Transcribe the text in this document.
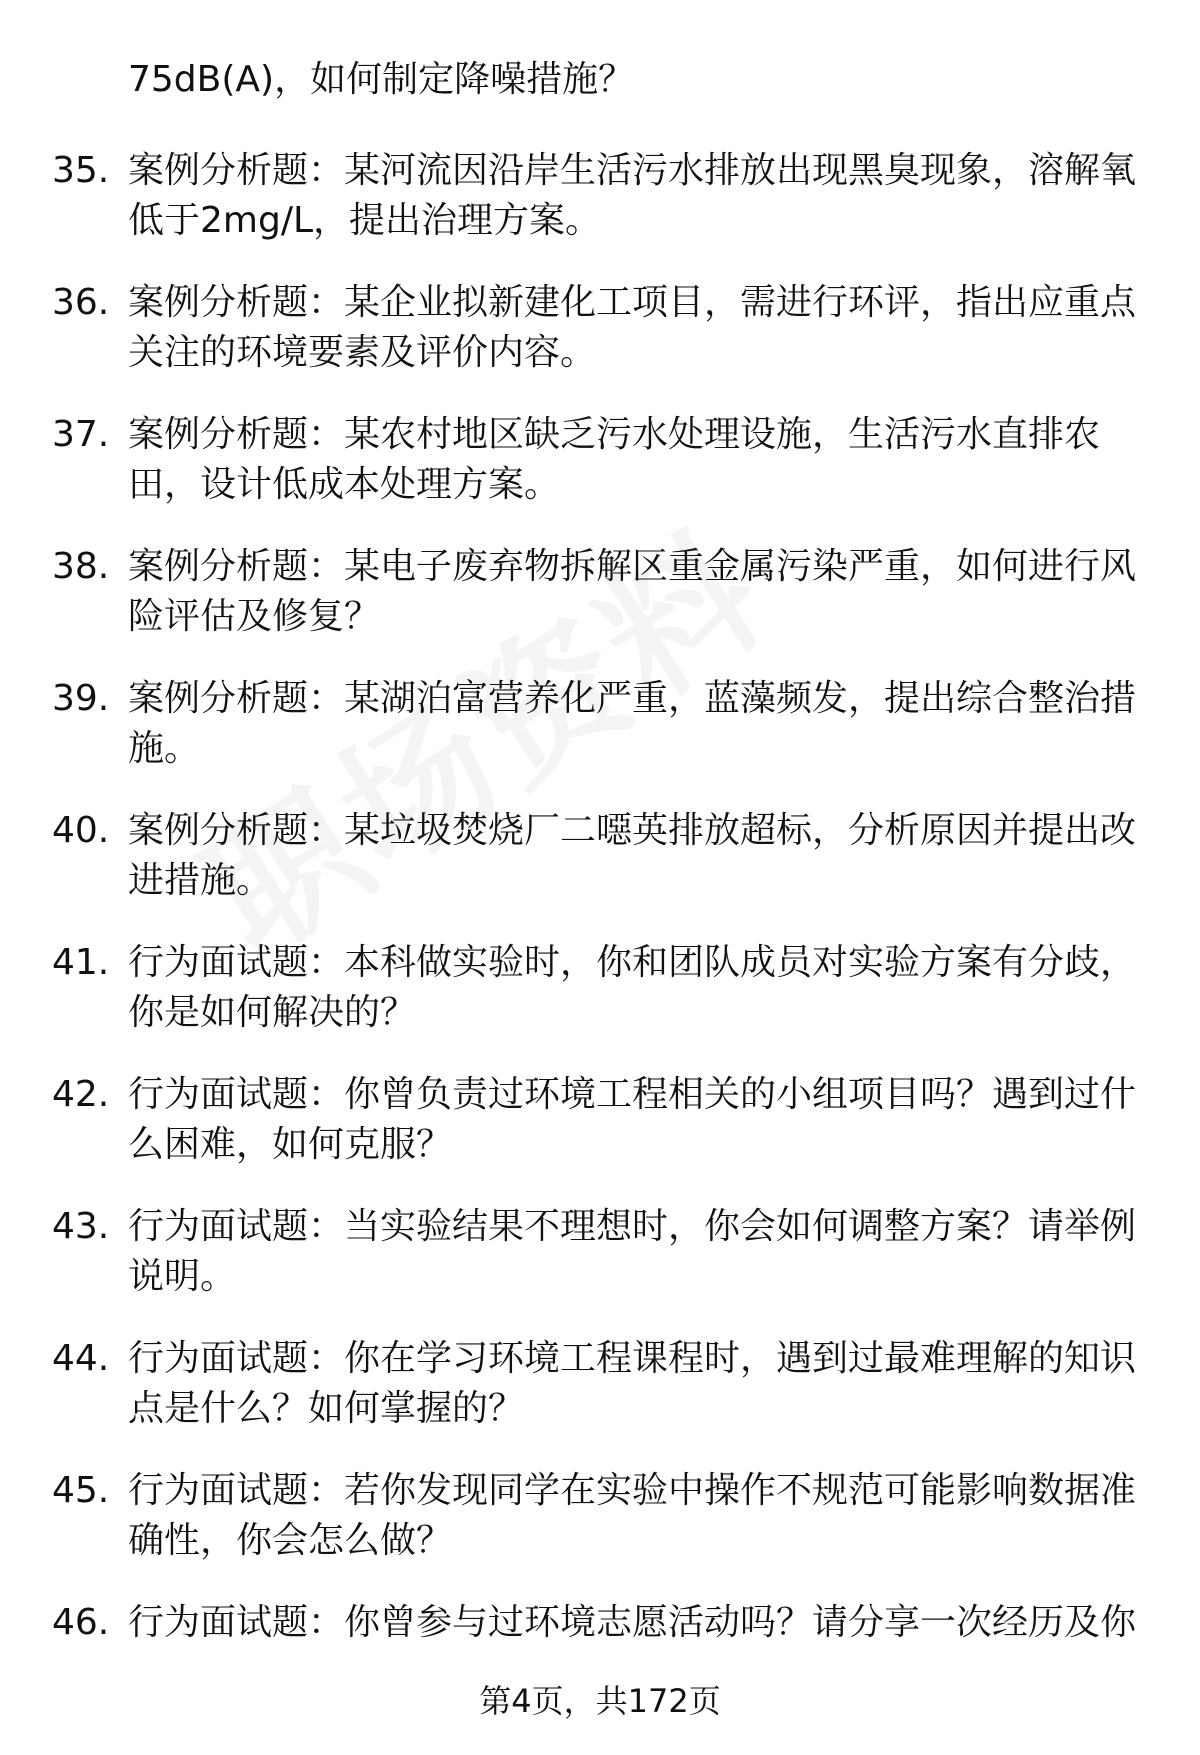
75dB(A)，如何制定降噪措施？
35. 案例分析题：某河流因沿岸生活污水排放出现黑臭现象，溶解氧低于2mg/L，提出治理方案。
36. 案例分析题：某企业拟新建化工项目，需进行环评，指出应重点关注的环境要素及评价内容。
37. 案例分析题：某农村地区缺乏污水处理设施，生活污水直排农田，设计低成本处理方案。
38. 案例分析题：某电子废弃物拆解区重金属污染严重，如何进行风险评估及修复？
39. 案例分析题：某湖泊富营养化严重，蓝藻频发，提出综合整治措施。
40. 案例分析题：某垃圾焚烧厂二噁英排放超标，分析原因并提出改进措施。
41. 行为面试题：本科做实验时，你和团队成员对实验方案有分歧，你是如何解决的？
42. 行为面试题：你曾负责过环境工程相关的小组项目吗？遇到过什么困难，如何克服？
43. 行为面试题：当实验结果不理想时，你会如何调整方案？请举例说明。
44. 行为面试题：你在学习环境工程课程时，遇到过最难理解的知识点是什么？如何掌握的？
45. 行为面试题：若你发现同学在实验中操作不规范可能影响数据准确性，你会怎么做？
46. 行为面试题：你曾参与过环境志愿活动吗？请分享一次经历及你
第4页，共172页
